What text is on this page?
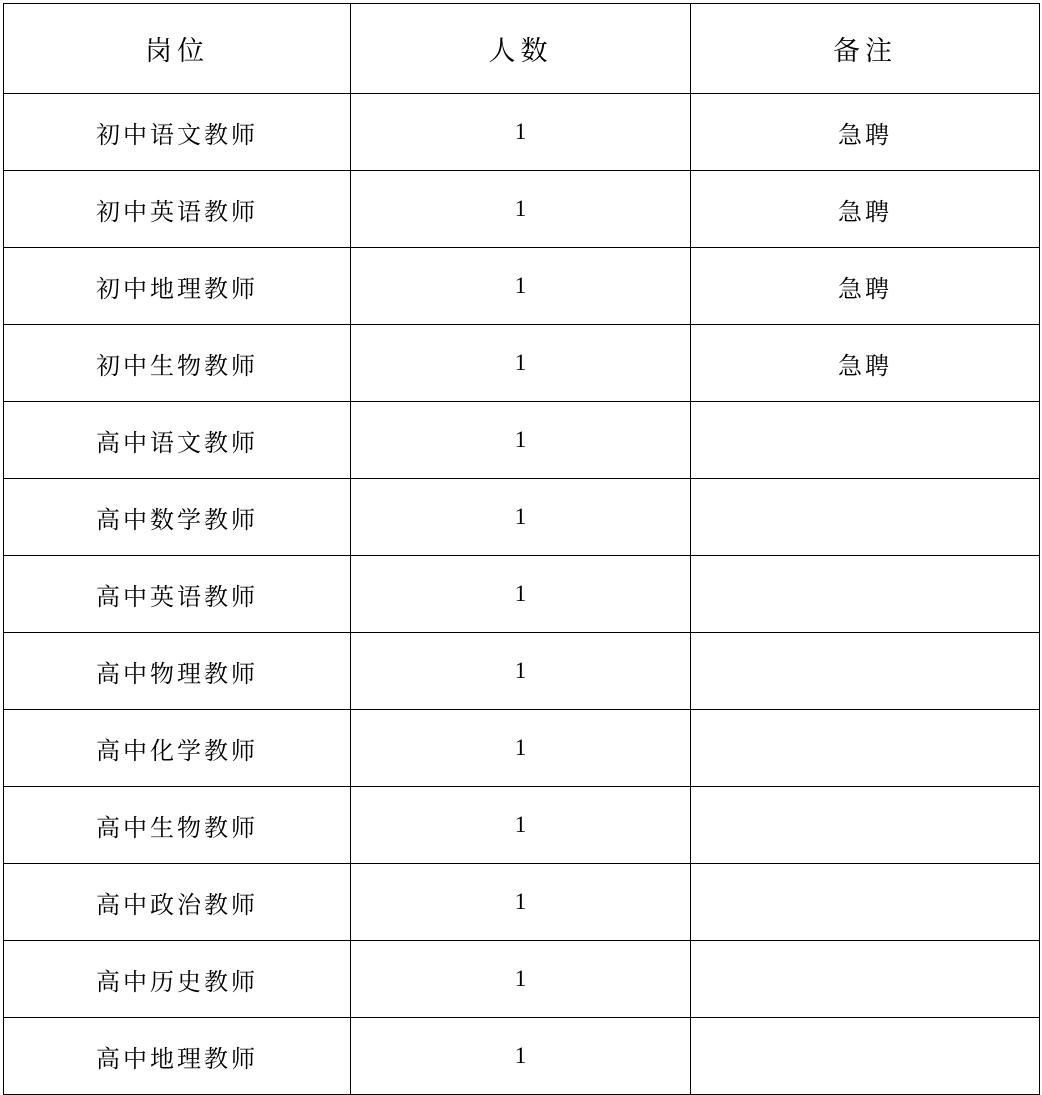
岗位	人数	备注
初中语文教师	1	急聘
初中英语教师	1	急聘
初中地理教师	1	急聘
初中生物教师	1	急聘
高中语文教师	1	
高中数学教师	1	
高中英语教师	1	
高中物理教师	1	
高中化学教师	1	
高中生物教师	1	
高中政治教师	1	
高中历史教师	1	
高中地理教师	1	
